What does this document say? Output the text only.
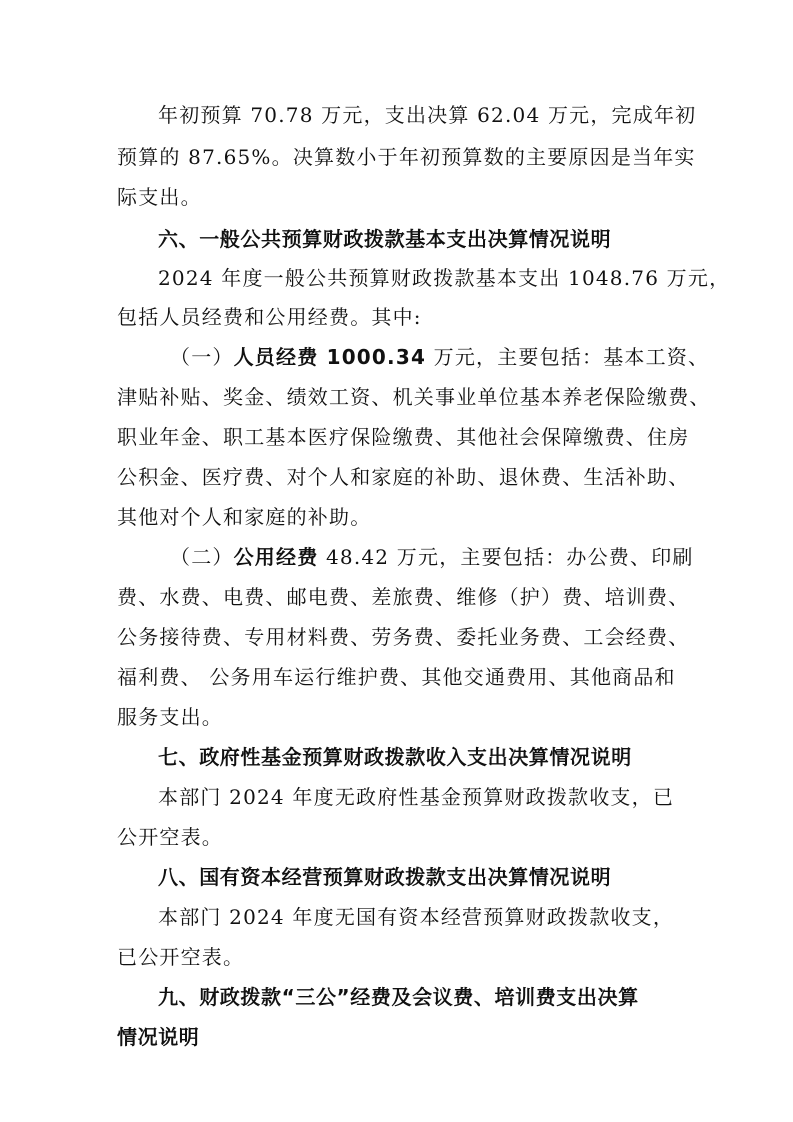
年初预算 70.78 万元，支出决算 62.04 万元，完成年初
预算的 87.65%。决算数小于年初预算数的主要原因是当年实
际支出。
六、一般公共预算财政拨款基本支出决算情况说明
2024 年度一般公共预算财政拨款基本支出 1048.76 万元，
包括人员经费和公用经费。其中:
（一）人员经费 1000.34 万元，主要包括：基本工资、
津贴补贴、奖金、绩效工资、机关事业单位基本养老保险缴费、
职业年金、职工基本医疗保险缴费、其他社会保障缴费、住房
公积金、医疗费、对个人和家庭的补助、退休费、生活补助、
其他对个人和家庭的补助。
（二）公用经费 48.42 万元，主要包括：办公费、印刷
费、水费、电费、邮电费、差旅费、维修（护）费、培训费、
公务接待费、专用材料费、劳务费、委托业务费、工会经费、
福利费、 公务用车运行维护费、其他交通费用、其他商品和
服务支出。
七、政府性基金预算财政拨款收入支出决算情况说明
本部门 2024 年度无政府性基金预算财政拨款收支，已
公开空表。
八、国有资本经营预算财政拨款支出决算情况说明
本部门 2024 年度无国有资本经营预算财政拨款收支，
已公开空表。
九、财政拨款“三公”经费及会议费、培训费支出决算
情况说明
